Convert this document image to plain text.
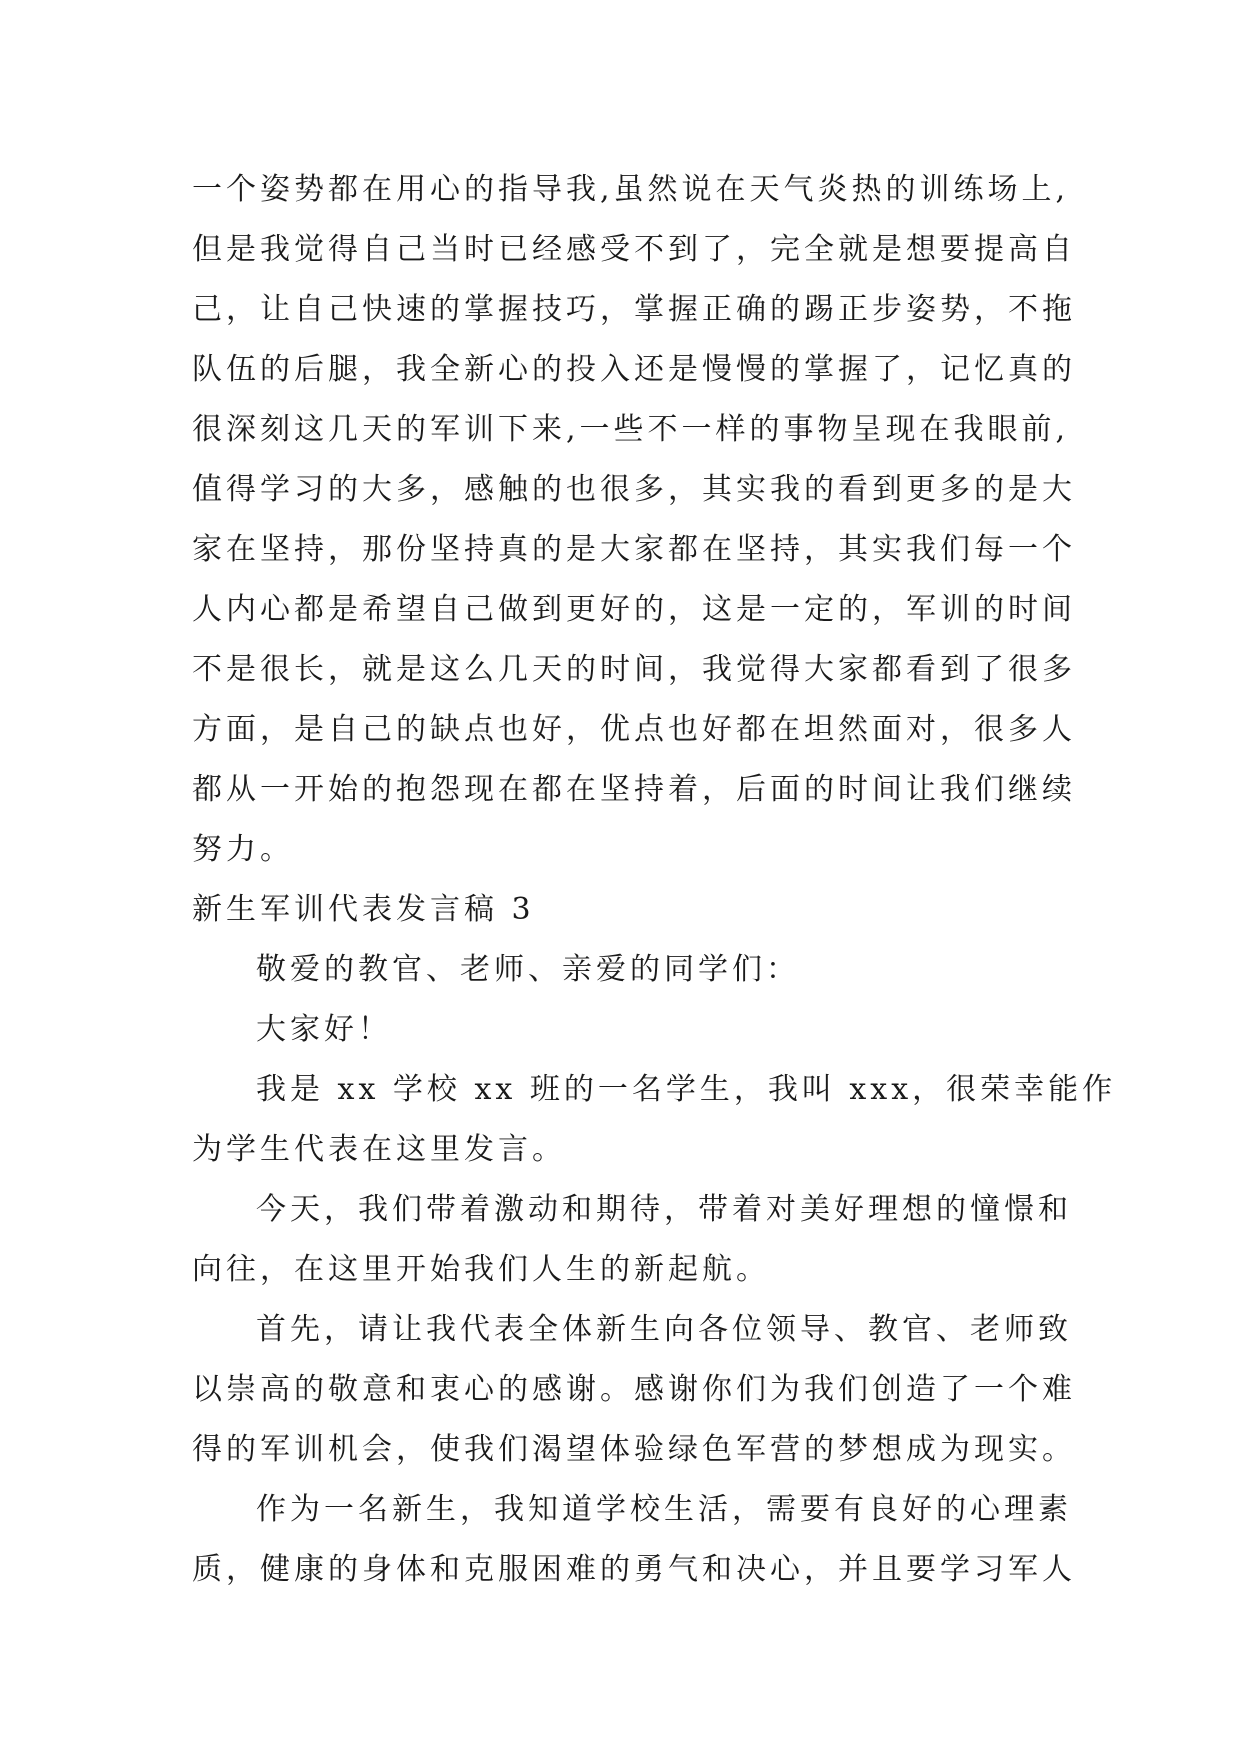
一个姿势都在用心的指导我,虽然说在天气炎热的训练场上,
但是我觉得自己当时已经感受不到了，完全就是想要提高自
己，让自己快速的掌握技巧，掌握正确的踢正步姿势，不拖
队伍的后腿，我全新心的投入还是慢慢的掌握了，记忆真的
很深刻这几天的军训下来,一些不一样的事物呈现在我眼前,
值得学习的大多，感触的也很多，其实我的看到更多的是大
家在坚持，那份坚持真的是大家都在坚持，其实我们每一个
人内心都是希望自己做到更好的，这是一定的，军训的时间
不是很长，就是这么几天的时间，我觉得大家都看到了很多
方面，是自己的缺点也好，优点也好都在坦然面对，很多人
都从一开始的抱怨现在都在坚持着，后面的时间让我们继续
努力。
新生军训代表发言稿 3
敬爱的教官、老师、亲爱的同学们：
大家好！
我是 xx 学校 xx 班的一名学生，我叫 xxx，很荣幸能作
为学生代表在这里发言。
今天，我们带着激动和期待，带着对美好理想的憧憬和
向往，在这里开始我们人生的新起航。
首先，请让我代表全体新生向各位领导、教官、老师致
以崇高的敬意和衷心的感谢。感谢你们为我们创造了一个难
得的军训机会，使我们渴望体验绿色军营的梦想成为现实。
作为一名新生，我知道学校生活，需要有良好的心理素
质，健康的身体和克服困难的勇气和决心，并且要学习军人
